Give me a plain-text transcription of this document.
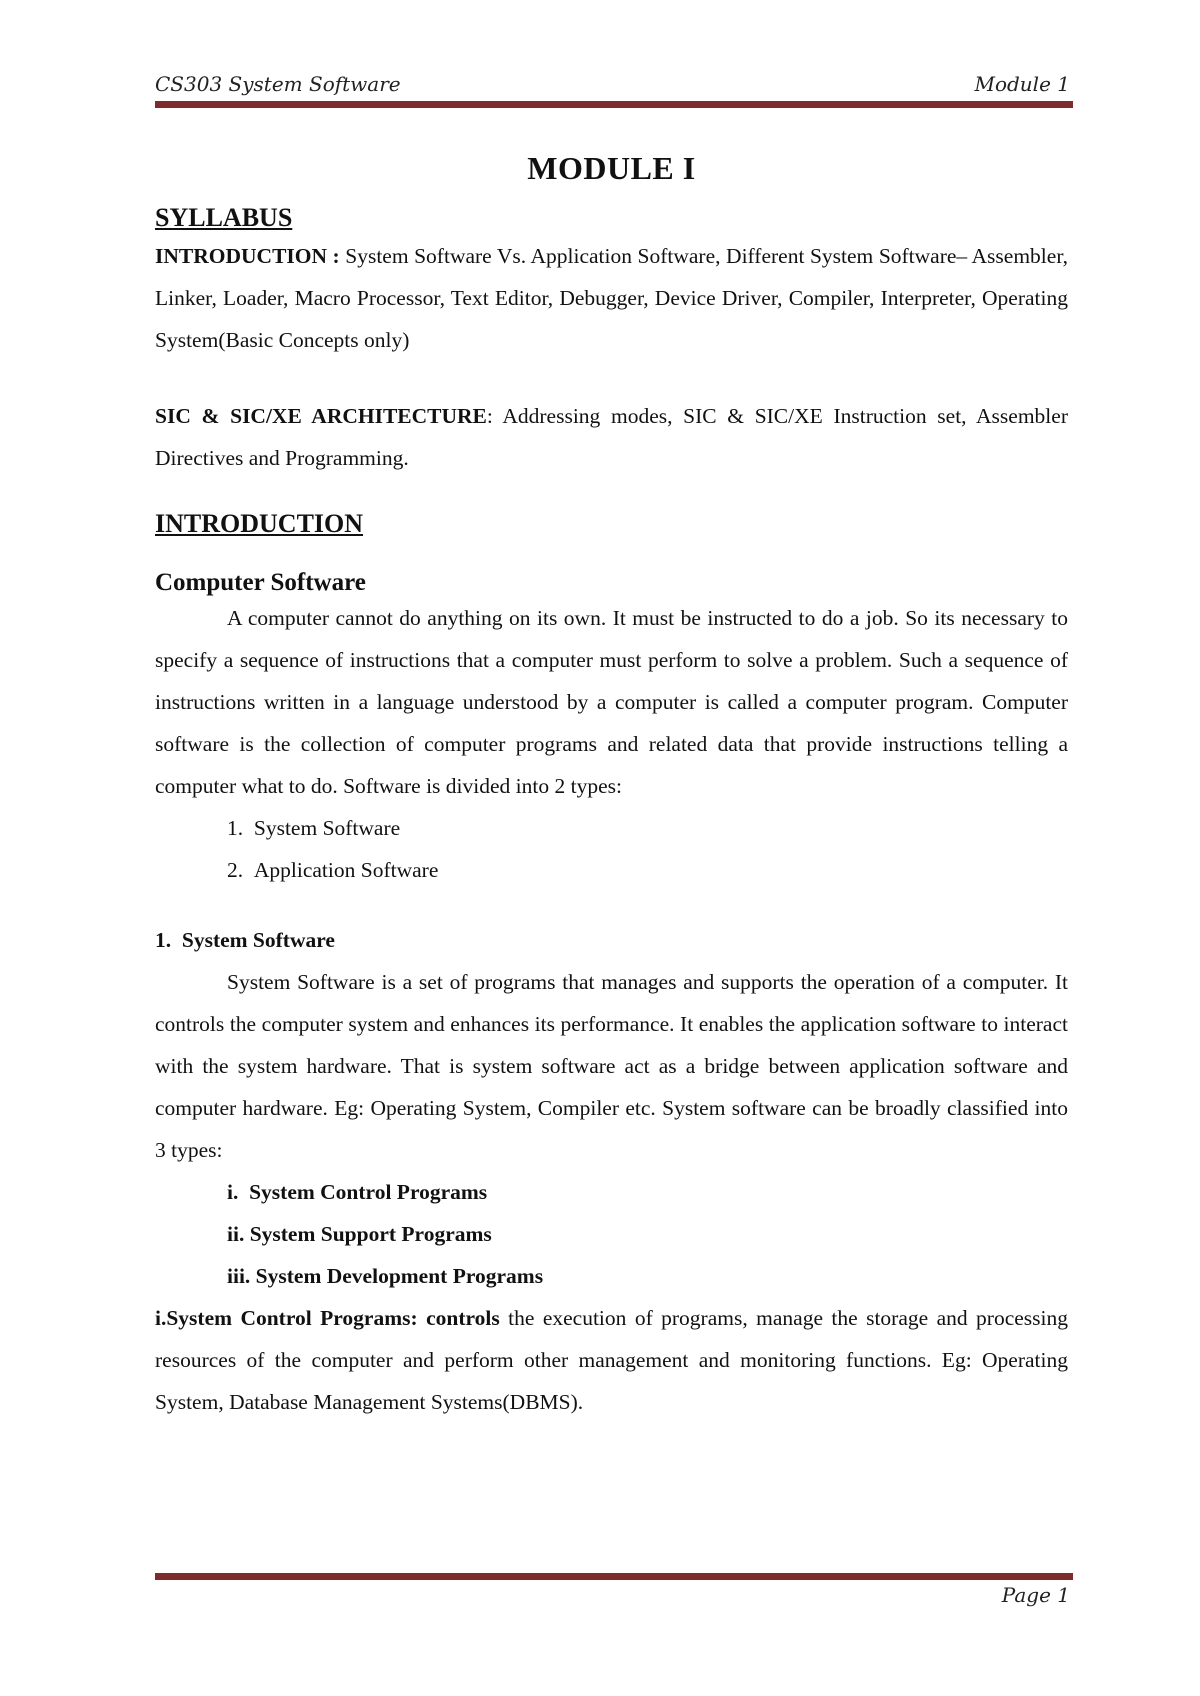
CS303 System Software	Module 1
MODULE I
SYLLABUS

INTRODUCTION : System Software Vs. Application Software, Different System Software– Assembler, Linker, Loader, Macro Processor, Text Editor, Debugger, Device Driver, Compiler, Interpreter, Operating System(Basic Concepts only)

SIC & SIC/XE ARCHITECTURE: Addressing modes, SIC & SIC/XE Instruction set, Assembler Directives and Programming.

INTRODUCTION
Computer Software

A computer cannot do anything on its own. It must be instructed to do a job. So its necessary to specify a sequence of instructions that a computer must perform to solve a problem. Such a sequence of instructions written in a language understood by a computer is called a computer program. Computer software is the collection of computer programs and related data that provide instructions telling a computer what to do. Software is divided into 2 types:

1.  System Software
2.  Application Software

1.  System Software

System Software is a set of programs that manages and supports the operation of a computer. It controls the computer system and enhances its performance. It enables the application software to interact with the system hardware. That is system software act as a bridge between application software and computer hardware. Eg: Operating System, Compiler etc. System software can be broadly classified into 3 types:

i.  System Control Programs
ii. System Support Programs
iii. System Development Programs

i.System Control Programs: controls the execution of programs, manage the storage and processing resources of the computer and perform other management and monitoring functions. Eg: Operating System, Database Management Systems(DBMS).

Page 1
